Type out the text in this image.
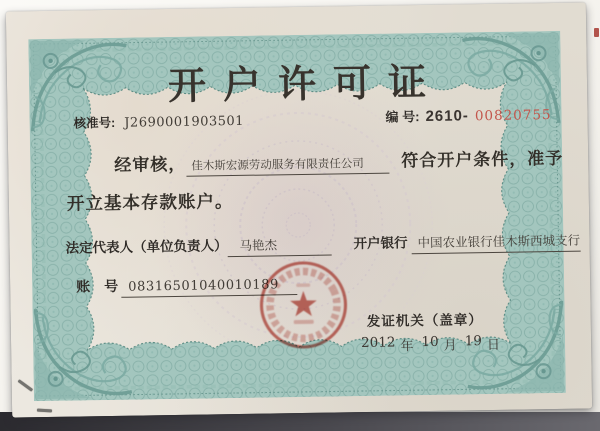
开户许可证
核准号: J2690001903501	编 号: 2610- 00820755
经审核， 佳木斯宏源劳动服务有限责任公司	符合开户条件，准予
开立基本存款账户。
法定代表人（单位负责人） 马艳杰	开户银行 中国农业银行佳木斯西城支行
账　号 08316501040010189
发证机关（盖章）
2012 年 10 月 19 日
